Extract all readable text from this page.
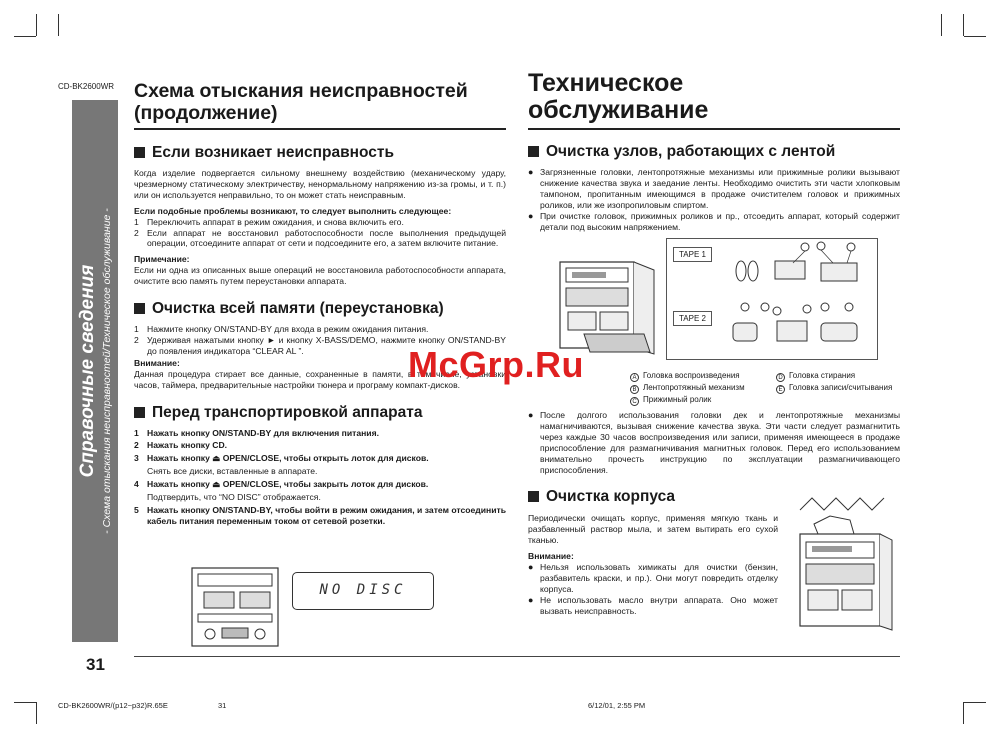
CD-BK2600WR
Справочные сведения - Схема отыскания неисправностей/Техническое обслуживание -
31
Схема отыскания неисправностей
(продолжение)
Если возникает неисправность
Когда изделие подвергается сильному внешнему воздействию (механическому удару, чрезмерному статическому электричеству, ненормальному напряжению из-за громы, и т. п.) или он используется неправильно, то он может стать неисправным.
Если подобные проблемы возникают, то следует выполнить следующее:
1 Переключить аппарат в режим ожидания, и снова включить его.
2 Если аппарат не восстановил работоспособности после выполнения предыдущей операции, отсоедините аппарат от сети и подсоедините его, а затем включите питание.
Примечание:
Если ни одна из описанных выше операций не восстановила работоспособности аппарата, очистите всю память путем переустановки аппарата.
Очистка всей памяти (переустановка)
1 Нажмите кнопку ON/STAND-BY для входа в режим ожидания питания.
2 Удерживая нажатыми кнопку ► и кнопку X-BASS/DEMO, нажмите кнопку ON/STAND-BY до появления индикатора “CLEAR AL ”.
Внимание:
Данная процедура стирает все данные, сохраненные в памяти, в том числе, установки часов, таймера, предварительные настройки тюнера и програму компакт-дисков.
Перед транспортировкой аппарата
1 Нажать кнопку ON/STAND-BY для включения питания.
2 Нажать кнопку CD.
3 Нажать кнопку ⏏ OPEN/CLOSE, чтобы открыть лоток для дисков.
Снять все диски, вставленные в аппарате.
4 Нажать кнопку ⏏ OPEN/CLOSE, чтобы закрыть лоток для дисков.
Подтвердить, что “NO DISC” отображается.
5 Нажать кнопку ON/STAND-BY, чтобы войти в режим ожидания, и затем отсоединить кабель питания переменным током от сетевой розетки.
NO DISC
Техническое
обслуживание
Очистка узлов, работающих с лентой
● Загрязненные головки, лентопротяжные механизмы или прижимные ролики вызывают снижение качества звука и заедание ленты. Необходимо очистить эти части хлопковым тампоном, пропитанным имеющимся в продаже очистителем головок и прижимных роликов, или же изопропиловым спиртом.
● При очистке головок, прижимных роликов и пр., отсоедить аппарат, который содержит детали под высоким напряжением.
TAPE 1
TAPE 2
A Головка воспроизведения	D Головка стирания
B Лентопротяжный механизм	E Головка записи/считывания
C Прижимный ролик
● После долгого использования головки дек и лентопротяжные механизмы намагничиваются, вызывая снижение качества звука. Эти части следует размагнитить через каждые 30 часов воспроизведения или записи, применяя имеющееся в продаже приспособление для размагничивания магнитных головок. Перед его использованием внимательно прочесть инструкцию по эксплуатации размагничивающего приспособления.
Очистка корпуса
Периодически очищать корпус, применяя мягкую ткань и разбавленный раствор мыла, и затем вытирать его сухой тканью.
Внимание:
● Нельзя использовать химикаты для очистки (бензин, разбавитель краски, и пр.). Они могут повредить отделку корпуса.
● Не использовать масло внутри аппарата. Оно может вызвать неисправность.
McGrp.Ru
CD-BK2600WR/(p12~p32)R.65E	31	6/12/01, 2:55 PM
